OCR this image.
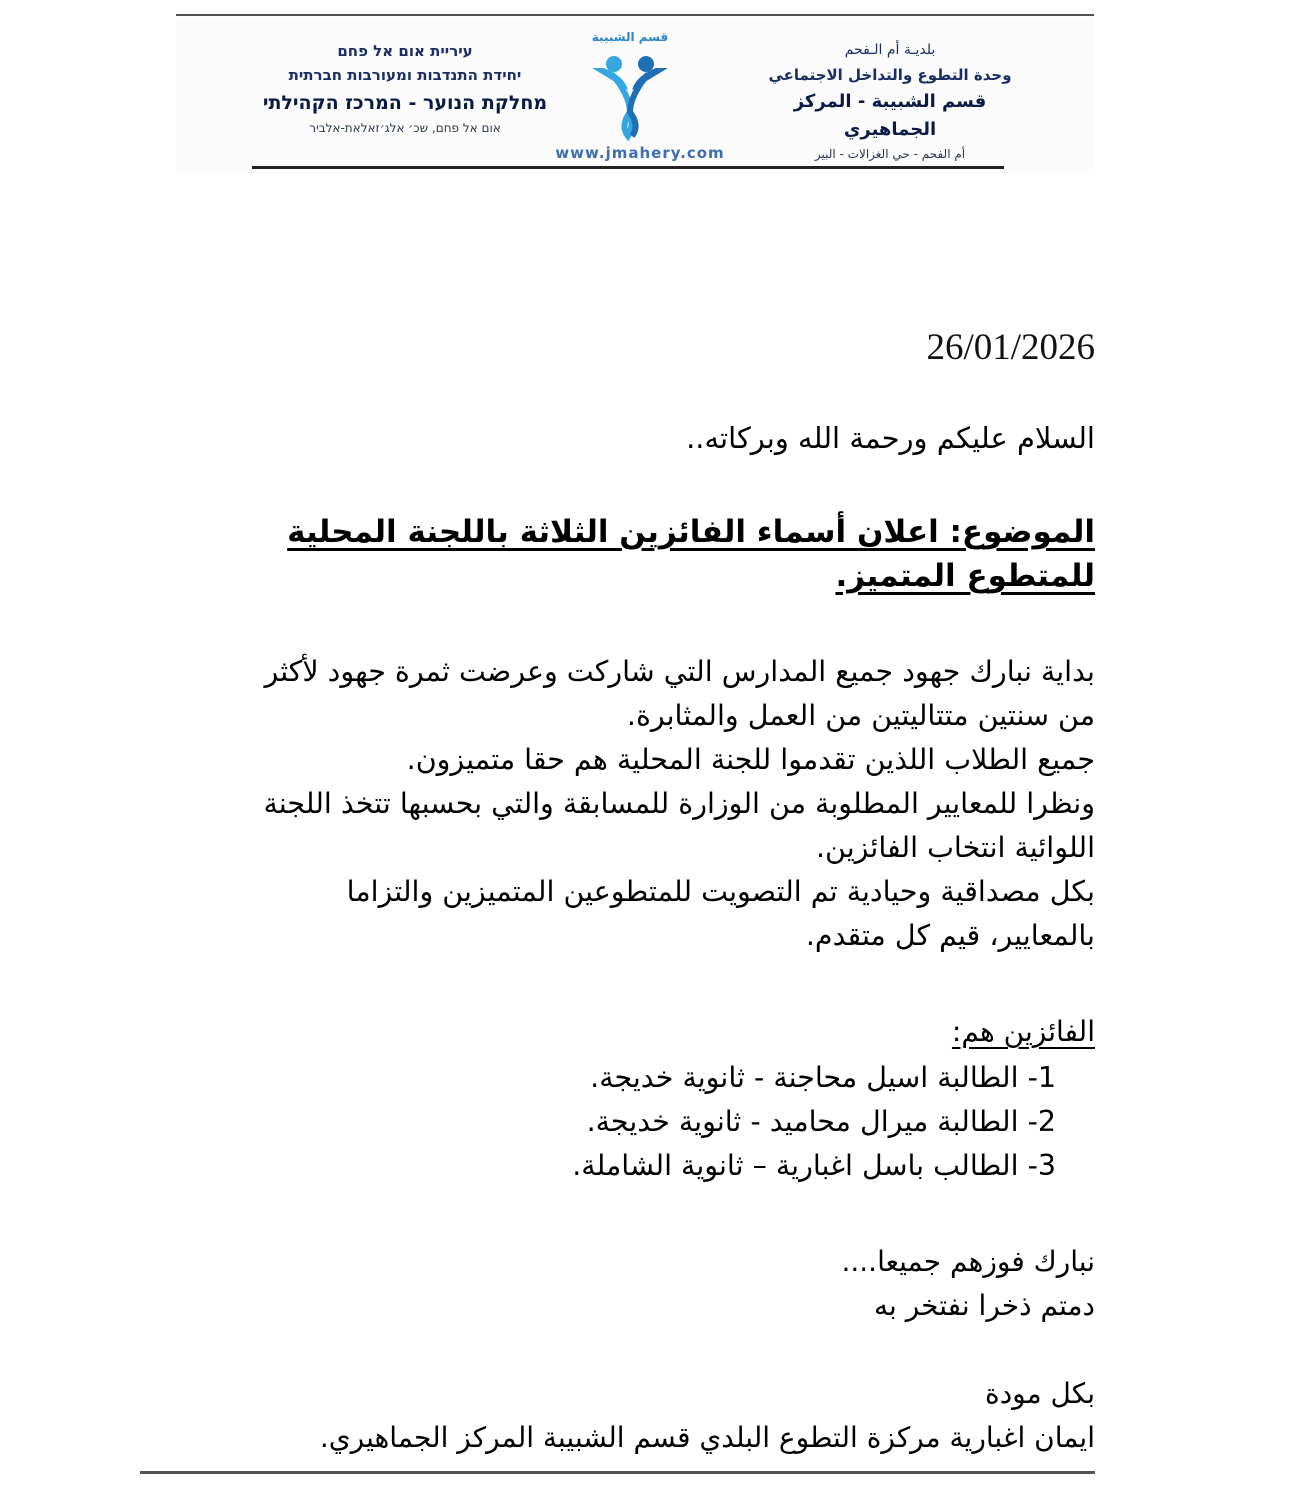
עיריית אום אל פחם
יחידת התנדבות ומעורבות חברתית
מחלקת הנוער - המרכז הקהילתי
אום אל פחם, שכ׳ אלג׳זאלאת-אלביר
قسم الشبيبة
www.jmahery.com
بلديـة أم الـفحم
وحدة التطوع والتداخل الاجتماعي
قسم الشبيبة - المركز الجماهيري
أم الفحم - حي الغزالات - البير
26/01/2026
السلام عليكم ورحمة الله وبركاته..
الموضوع: اعلان أسماء الفائزين الثلاثة باللجنة المحلية للمتطوع المتميز.

بداية نبارك جهود جميع المدارس التي شاركت وعرضت ثمرة جهود لأكثر من سنتين متتاليتين من العمل والمثابرة.

جميع الطلاب اللذين تقدموا للجنة المحلية هم حقا متميزون.

ونظرا للمعايير المطلوبة من الوزارة للمسابقة والتي بحسبها تتخذ اللجنة اللوائية انتخاب الفائزين.

بكل مصداقية وحيادية تم التصويت للمتطوعين المتميزين والتزاما بالمعايير، قيم كل متقدم.

الفائزين هم:
1- الطالبة اسيل محاجنة - ثانوية خديجة.
2- الطالبة ميرال محاميد - ثانوية خديجة.
3- الطالب باسل اغبارية – ثانوية الشاملة.
نبارك فوزهم جميعا....
دمتم ذخرا نفتخر به
بكل مودة
ايمان اغبارية مركزة التطوع البلدي قسم الشبيبة المركز الجماهيري.
